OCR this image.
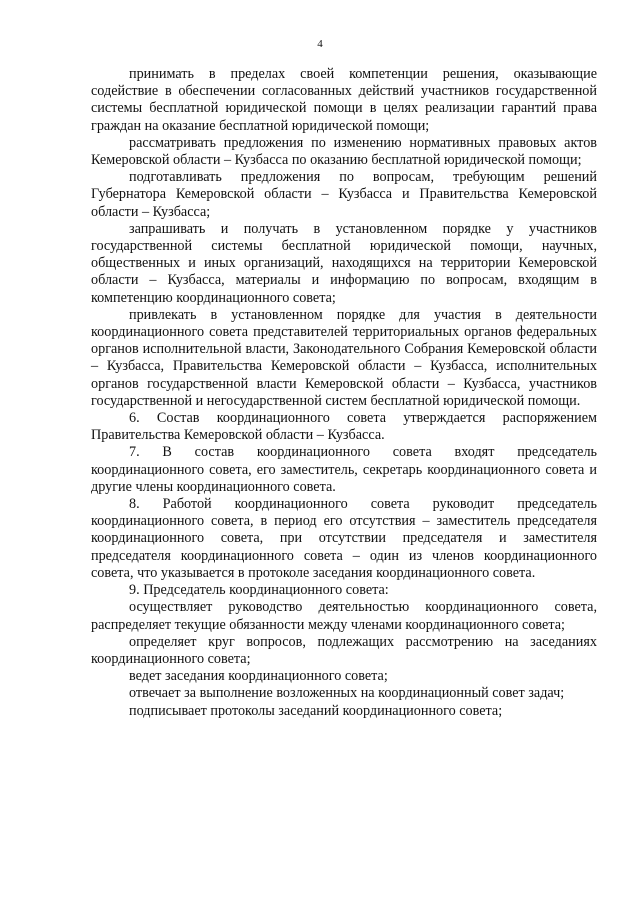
4

принимать в пределах своей компетенции решения, оказывающие содействие в обеспечении согласованных действий участников государственной системы бесплатной юридической помощи в целях реализации гарантий права граждан на оказание бесплатной юридической помощи;

рассматривать предложения по изменению нормативных правовых актов Кемеровской области – Кузбасса по оказанию бесплатной юридической помощи;

подготавливать предложения по вопросам, требующим решений Губернатора Кемеровской области – Кузбасса и Правительства Кемеровской области – Кузбасса;

запрашивать и получать в установленном порядке у участников государственной системы бесплатной юридической помощи, научных, общественных и иных организаций, находящихся на территории Кемеровской области – Кузбасса, материалы и информацию по вопросам, входящим в компетенцию координационного совета;

привлекать в установленном порядке для участия в деятельности координационного совета представителей территориальных органов федеральных органов исполнительной власти, Законодательного Собрания Кемеровской области – Кузбасса, Правительства Кемеровской области – Кузбасса, исполнительных органов государственной власти Кемеровской области – Кузбасса, участников государственной и негосударственной систем бесплатной юридической помощи.

6. Состав координационного совета утверждается распоряжением Правительства Кемеровской области – Кузбасса.

7. В состав координационного совета входят председатель координационного совета, его заместитель, секретарь координационного совета и другие члены координационного совета.

8. Работой координационного совета руководит председатель координационного совета, в период его отсутствия – заместитель председателя координационного совета, при отсутствии председателя и заместителя председателя координационного совета – один из членов координационного совета, что указывается в протоколе заседания координационного совета.

9. Председатель координационного совета:

осуществляет руководство деятельностью координационного совета, распределяет текущие обязанности между членами координационного совета;

определяет круг вопросов, подлежащих рассмотрению на заседаниях координационного совета;

ведет заседания координационного совета;

отвечает за выполнение возложенных на координационный совет задач;

подписывает протоколы заседаний координационного совета;
